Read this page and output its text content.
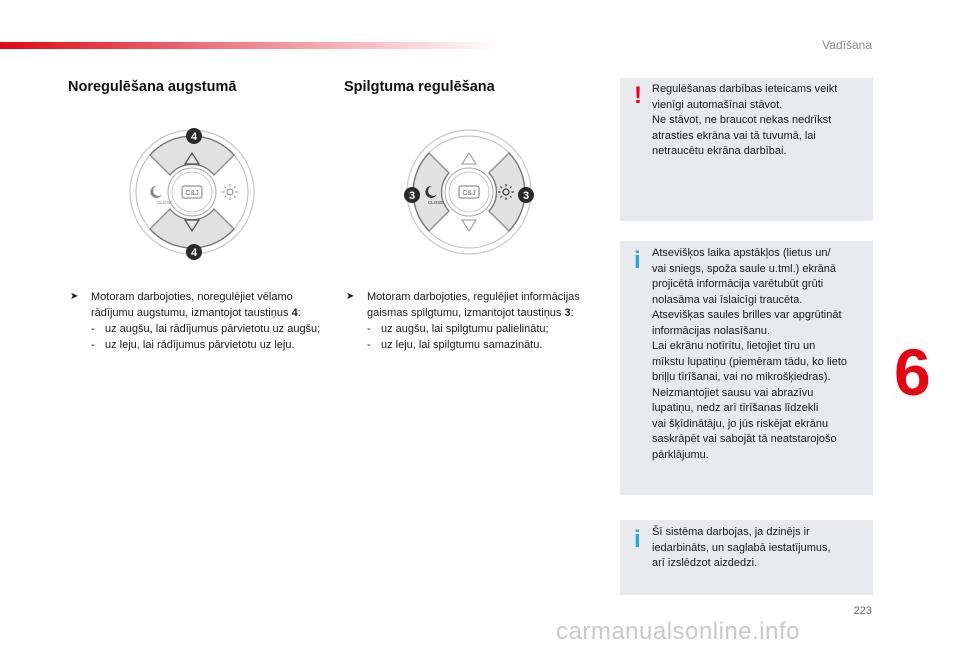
Vadīšana
Noregulēšana augstumā
CLOSE
C&J
4
4
➤ Motoram darbojoties, noregulējiet vēlamo rādījumu augstumu, izmantojot taustiņus 4:
- uz augšu, lai rādījumus pārvietotu uz augšu;
- uz leju, lai rādījumus pārvietotu uz leju.
Spilgtuma regulēšana
CLOSE
C&J
3	3
➤ Motoram darbojoties, regulējiet informācijas gaismas spilgtumu, izmantojot taustiņus 3:
- uz augšu, lai spilgtumu palielinātu;
- uz leju, lai spilgtumu samazinātu.
! Regulēšanas darbības ieteicams veikt
vienīgi automašīnai stāvot.
Ne stāvot, ne braucot nekas nedrīkst
atrasties ekrāna vai tā tuvumā, lai
netraucētu ekrāna darbībai.
i Atsevišķos laika apstākļos (lietus un/
vai sniegs, spoža saule u.tml.) ekrānā
projicētā informācija varētubūt grūti
nolasāma vai īslaicīgi traucēta.
Atsevišķas saules brilles var apgrūtināt
informācijas nolasīšanu.
Lai ekrānu notīrītu, lietojiet tīru un
mīkstu lupatiņu (piemēram tādu, ko lieto
briļļu tīrīšanai, vai no mikrošķiedras).
Neizmantojiet sausu vai abrazīvu
lupatiņu, nedz arī tīrīšanas līdzekli
vai šķīdinātāju, jo jūs riskējat ekrānu
saskrāpēt vai sabojāt tā neatstarojošo
pārklājumu.
i Šī sistēma darbojas, ja dzinējs ir
iedarbināts, un saglabā iestatījumus,
arī izslēdzot aizdedzi.
6
223
carmanualsonline.info
